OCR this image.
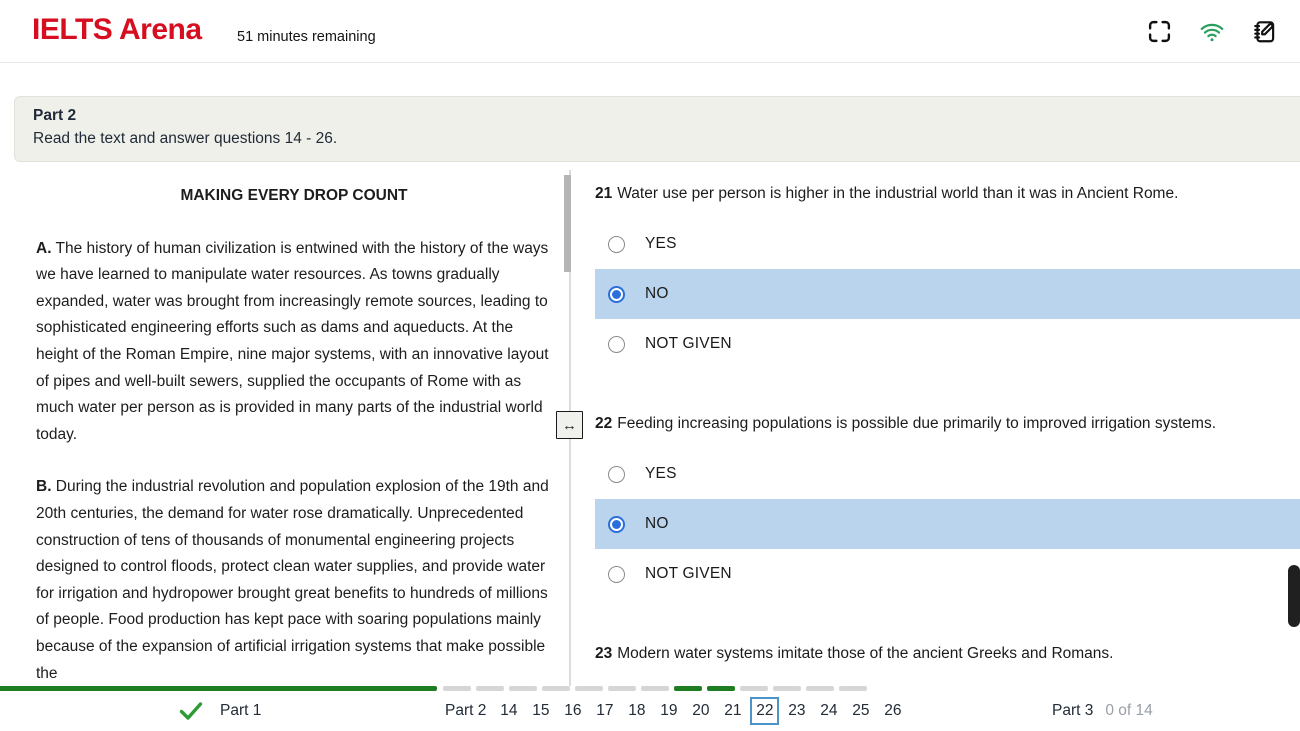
IELTS Arena 51 minutes remaining
Part 2
Read the text and answer questions 14 - 26.
MAKING EVERY DROP COUNT

A. The history of human civilization is entwined with the history of the ways we have learned to manipulate water resources. As towns gradually expanded, water was brought from increasingly remote sources, leading to sophisticated engineering efforts such as dams and aqueducts. At the height of the Roman Empire, nine major systems, with an innovative layout of pipes and well-built sewers, supplied the occupants of Rome with as much water per person as is provided in many parts of the industrial world today.

B. During the industrial revolution and population explosion of the 19th and 20th centuries, the demand for water rose dramatically. Unprecedented construction of tens of thousands of monumental engineering projects designed to control floods, protect clean water supplies, and provide water for irrigation and hydropower brought great benefits to hundreds of millions of people. Food production has kept pace with soaring populations mainly because of the expansion of artificial irrigation systems that make possible the

↔
21 Water use per person is higher in the industrial world than it was in Ancient Rome.
YES
NO
NOT GIVEN
22 Feeding increasing populations is possible due primarily to improved irrigation systems.
YES
NO
NOT GIVEN
23 Modern water systems imitate those of the ancient Greeks and Romans.
Part 1	Part 2 14 15 16 17 18 19 20 21 22 23 24 25 26	Part 3 0 of 14
